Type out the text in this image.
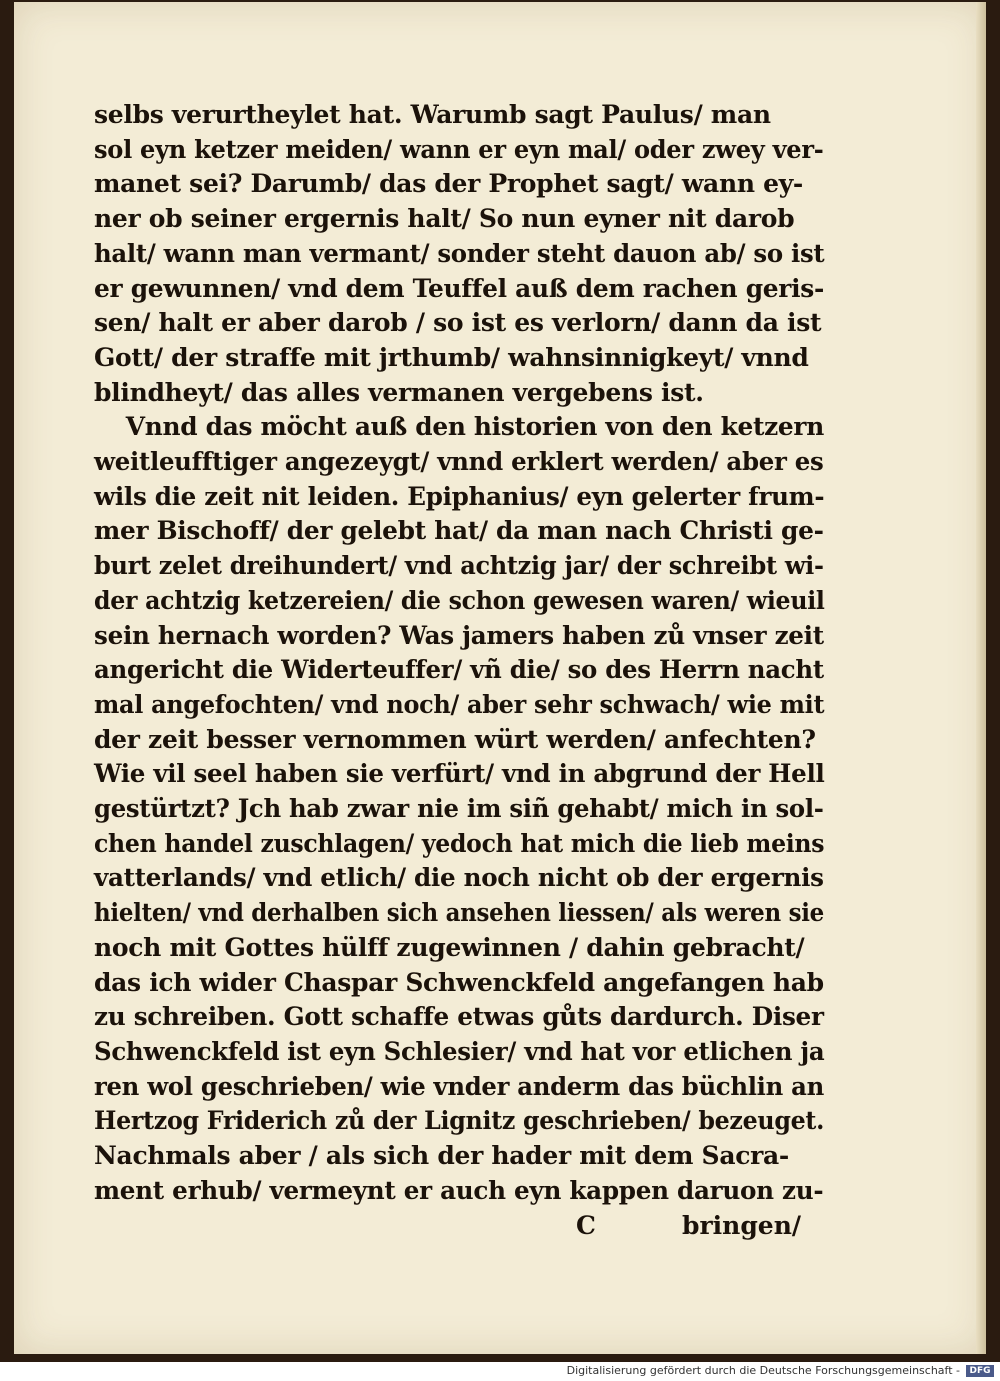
selbs verurtheylet hat. Warumb sagt Paulus/ man
sol eyn ketzer meiden/ wann er eyn mal/ oder zwey ver-
manet sei? Darumb/ das der Prophet sagt/ wann ey-
ner ob seiner ergernis halt/ So nun eyner nit darob
halt/ wann man vermant/ sonder steht dauon ab/ so ist
er gewunnen/ vnd dem Teuffel auß dem rachen geris-
sen/ halt er aber darob / so ist es verlorn/ dann da ist
Gott/ der straffe mit jrthumb/ wahnsinnigkeyt/ vnnd
blindheyt/ das alles vermanen vergebens ist.
Vnnd das möcht auß den historien von den ketzern
weitleufftiger angezeygt/ vnnd erklert werden/ aber es
wils die zeit nit leiden. Epiphanius/ eyn gelerter frum-
mer Bischoff/ der gelebt hat/ da man nach Christi ge-
burt zelet dreihundert/ vnd achtzig jar/ der schreibt wi-
der achtzig ketzereien/ die schon gewesen waren/ wieuil
sein hernach worden? Was jamers haben zů vnser zeit
angericht die Widerteuffer/ vñ die/ so des Herrn nacht
mal angefochten/ vnd noch/ aber sehr schwach/ wie mit
der zeit besser vernommen würt werden/ anfechten?
Wie vil seel haben sie verfürt/ vnd in abgrund der Hell
gestürtzt? Jch hab zwar nie im siñ gehabt/ mich in sol-
chen handel zuschlagen/ yedoch hat mich die lieb meins
vatterlands/ vnd etlich/ die noch nicht ob der ergernis
hielten/ vnd derhalben sich ansehen liessen/ als weren sie
noch mit Gottes hülff zugewinnen / dahin gebracht/
das ich wider Chaspar Schwenckfeld angefangen hab
zu schreiben. Gott schaffe etwas gůts dardurch. Diser
Schwenckfeld ist eyn Schlesier/ vnd hat vor etlichen ja
ren wol geschrieben/ wie vnder anderm das büchlin an
Hertzog Friderich zů der Lignitz geschrieben/ bezeuget.
Nachmals aber / als sich der hader mit dem Sacra-
ment erhub/ vermeynt er auch eyn kappen daruon zu-
C	bringen/
Digitalisierung gefördert durch die Deutsche Forschungsgemeinschaft -	DFG
